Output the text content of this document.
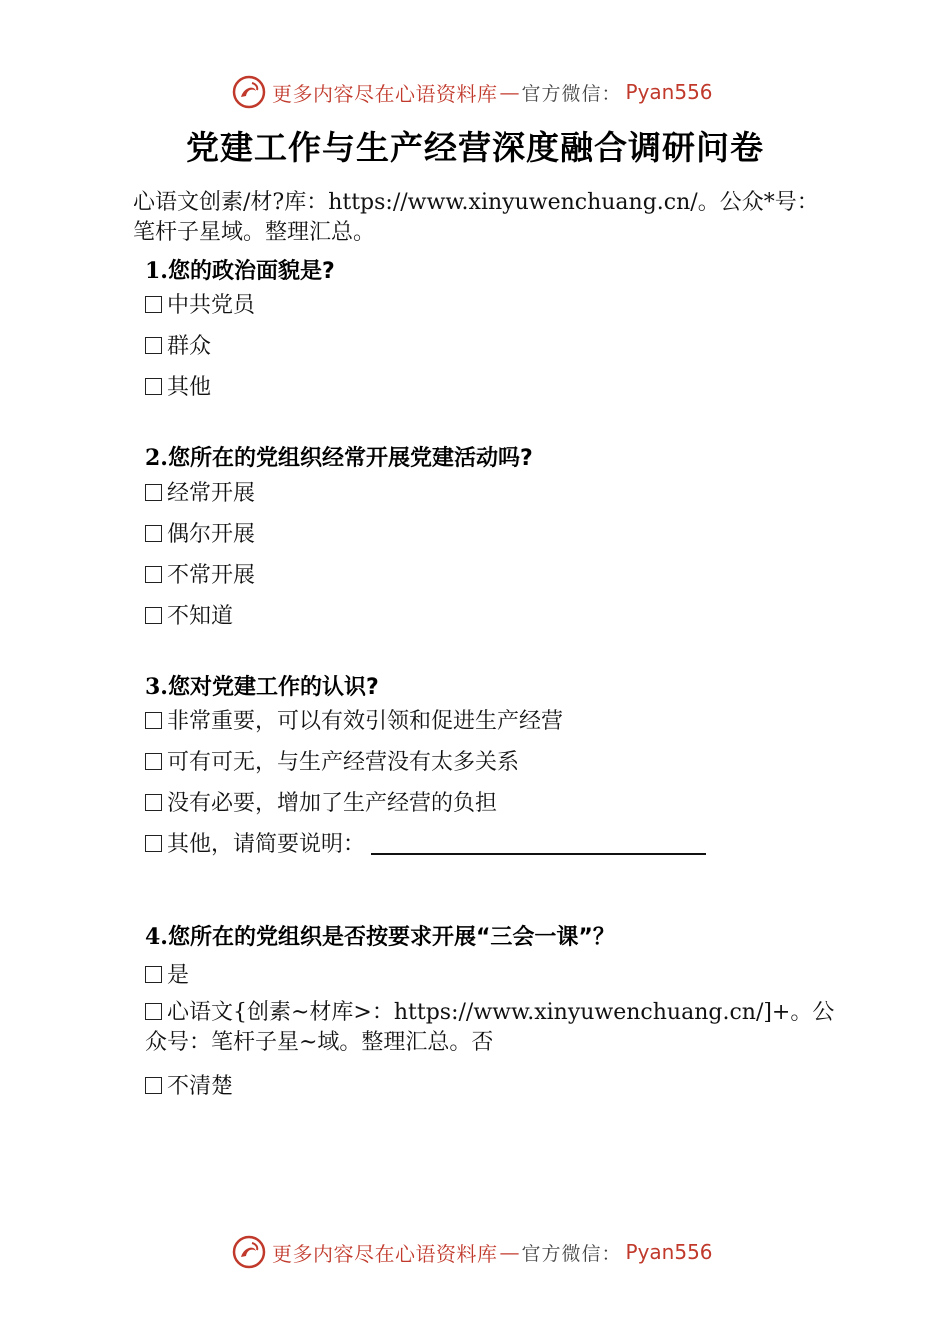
更多内容尽在心语资料库 — 官方微信： Pyan556
党建工作与生产经营深度融合调研问卷
心语文创素/材?库：https://www.xinyuwenchuang.cn/。公众*号：笔杆子星域。整理汇总。
1.您的政治面貌是?
中共党员
群众
其他
2.您所在的党组织经常开展党建活动吗?
经常开展
偶尔开展
不常开展
不知道
3.您对党建工作的认识?
非常重要，可以有效引领和促进生产经营
可有可无，与生产经营没有太多关系
没有必要，增加了生产经营的负担
其他，请简要说明：
4.您所在的党组织是否按要求开展“三会一课”？
是
心语文{创素~材库>：https://www.xinyuwenchuang.cn/]+。公众号：笔杆子星~域。整理汇总。否
不清楚
更多内容尽在心语资料库 — 官方微信： Pyan556
